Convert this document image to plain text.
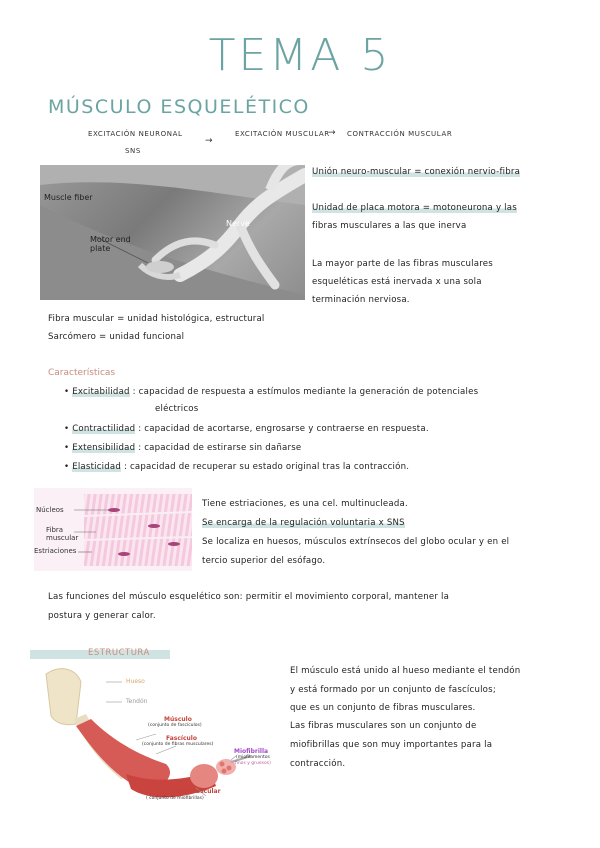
TEMA 5
MÚSCULO ESQUELÉTICO
EXCITACIÓN NEURONAL
SNS
→
EXCITACIÓN MUSCULAR
→ CONTRACCIÓN MUSCULAR
Muscle fiber
Motor end plate
Nerve
Unión neuro-muscular = conexión nervio-fibra
Unidad de placa motora = motoneurona y las
fibras musculares a las que inerva
La mayor parte de las fibras musculares
esqueléticas está inervada x una sola
terminación nerviosa.
Fibra muscular = unidad histológica, estructural
Sarcómero = unidad funcional
Características
• Excitabilidad : capacidad de respuesta a estímulos mediante la generación de potenciales
eléctricos
• Contractilidad : capacidad de acortarse, engrosarse y contraerse en respuesta.
• Extensibilidad : capacidad de estirarse sin dañarse
• Elasticidad : capacidad de recuperar su estado original tras la contracción.
Núcleos
Fibra muscular
Estriaciones
Tiene estriaciones, es una cel. multinucleada.
Se encarga de la regulación voluntaria x SNS
Se localiza en huesos, músculos extrínsecos del globo ocular y en el
tercio superior del esófago.
Las funciones del músculo esquelético son: permitir el movimiento corporal, mantener la
postura y generar calor.
ESTRUCTURA
El músculo está unido al hueso mediante el tendón
y está formado por un conjunto de fascículos;
que es un conjunto de fibras musculares.
Las fibras musculares son un conjunto de
miofibrillas que son muy importantes para la
contracción.
Hueso
Tendón
Músculo
(conjunto de fascículos)
Fascículo
(conjunto de fibras musculares)
Miofibrilla
(miofilamentos
finos y gruesos)
Fibra muscular
( conjunto de miofibrillas)
